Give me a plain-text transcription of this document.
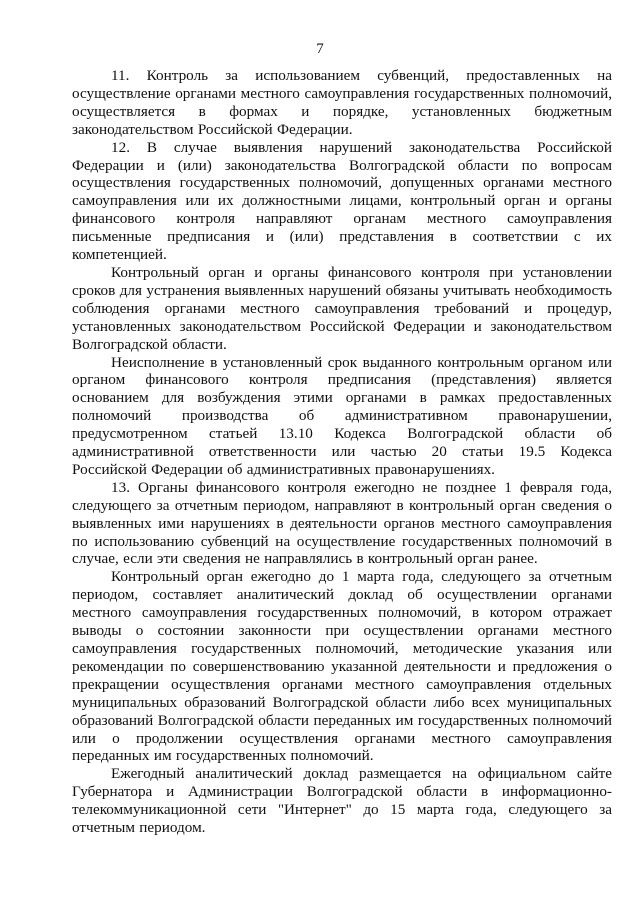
7

11. Контроль за использованием субвенций, предоставленных на осуществление органами местного самоуправления государственных полномочий, осуществляется в формах и порядке, установленных бюджетным законодательством Российской Федерации.

12. В случае выявления нарушений законодательства Российской Федерации и (или) законодательства Волгоградской области по вопросам осуществления государственных полномочий, допущенных органами местного самоуправления или их должностными лицами, контрольный орган и органы финансового контроля направляют органам местного самоуправления письменные предписания и (или) представления в соответствии с их компетенцией.

Контрольный орган и органы финансового контроля при установлении сроков для устранения выявленных нарушений обязаны учитывать необходимость соблюдения органами местного самоуправления требований и процедур, установленных законодательством Российской Федерации и законодательством Волгоградской области.

Неисполнение в установленный срок выданного контрольным органом или органом финансового контроля предписания (представления) является основанием для возбуждения этими органами в рамках предоставленных полномочий производства об административном правонарушении, предусмотренном статьей 13.10 Кодекса Волгоградской области об административной ответственности или частью 20 статьи 19.5 Кодекса Российской Федерации об административных правонарушениях.

13. Органы финансового контроля ежегодно не позднее 1 февраля года, следующего за отчетным периодом, направляют в контрольный орган сведения о выявленных ими нарушениях в деятельности органов местного самоуправления по использованию субвенций на осуществление государственных полномочий в случае, если эти сведения не направлялись в контрольный орган ранее.

Контрольный орган ежегодно до 1 марта года, следующего за отчетным периодом, составляет аналитический доклад об осуществлении органами местного самоуправления государственных полномочий, в котором отражает выводы о состоянии законности при осуществлении органами местного самоуправления государственных полномочий, методические указания или рекомендации по совершенствованию указанной деятельности и предложения о прекращении осуществления органами местного самоуправления отдельных муниципальных образований Волгоградской области либо всех муниципальных образований Волгоградской области переданных им государственных полномочий или о продолжении осуществления органами местного самоуправления переданных им государственных полномочий.

Ежегодный аналитический доклад размещается на официальном сайте Губернатора и Администрации Волгоградской области в информационно-телекоммуникационной сети "Интернет" до 15 марта года, следующего за отчетным периодом.
